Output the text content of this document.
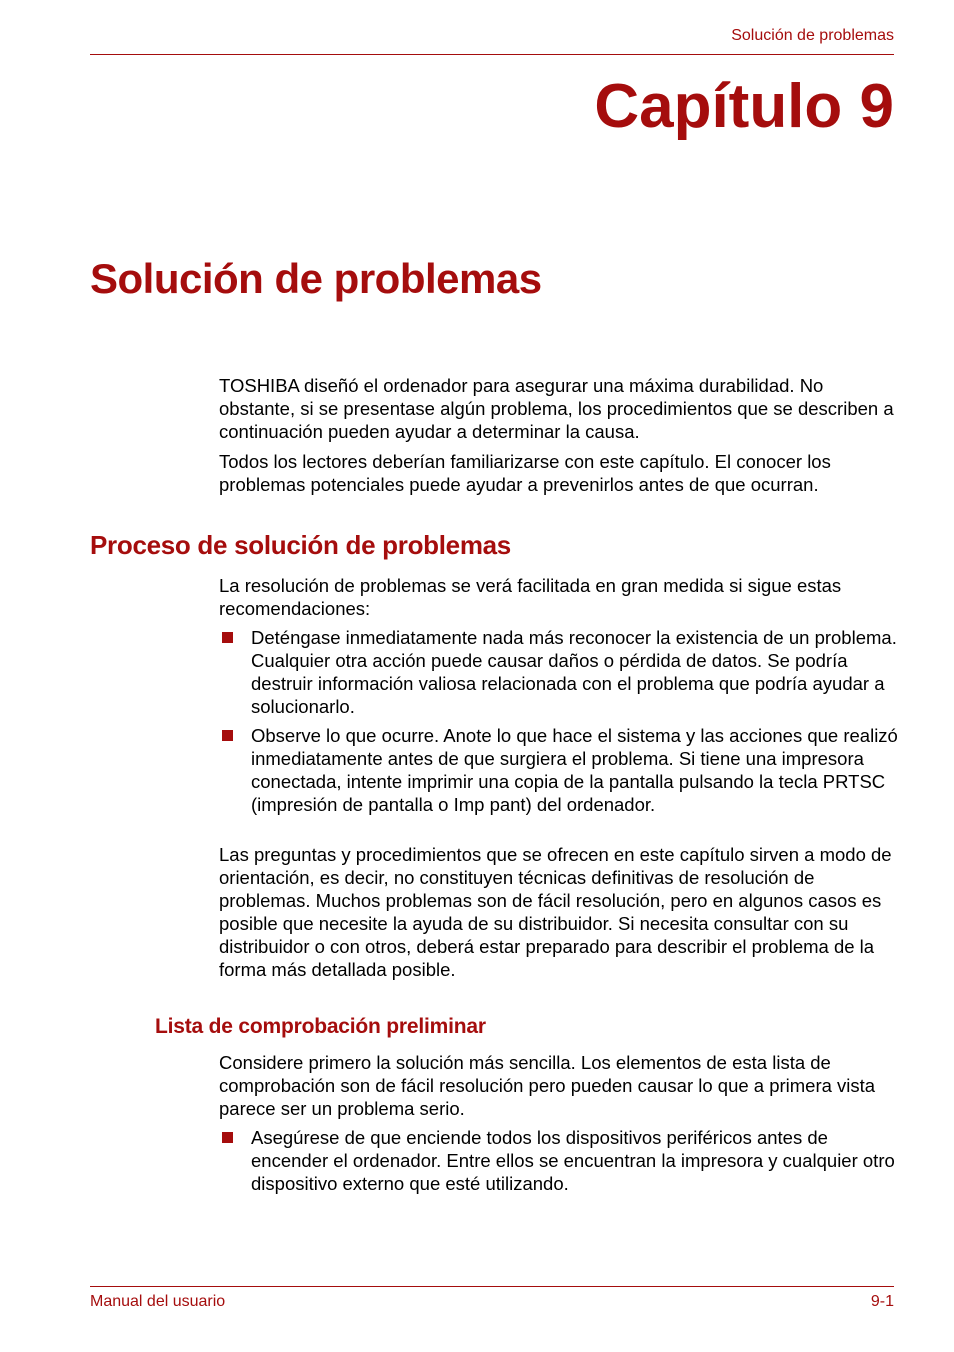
Solución de problemas
Capítulo 9
Solución de problemas

TOSHIBA diseñó el ordenador para asegurar una máxima durabilidad. No obstante, si se presentase algún problema, los procedimientos que se describen a continuación pueden ayudar a determinar la causa.

Todos los lectores deberían familiarizarse con este capítulo. El conocer los problemas potenciales puede ayudar a prevenirlos antes de que ocurran.

Proceso de solución de problemas

La resolución de problemas se verá facilitada en gran medida si sigue estas recomendaciones:

Deténgase inmediatamente nada más reconocer la existencia de un problema. Cualquier otra acción puede causar daños o pérdida de datos. Se podría destruir información valiosa relacionada con el problema que podría ayudar a solucionarlo.
Observe lo que ocurre. Anote lo que hace el sistema y las acciones que realizó inmediatamente antes de que surgiera el problema. Si tiene una impresora conectada, intente imprimir una copia de la pantalla pulsando la tecla PRTSC (impresión de pantalla o Imp pant) del ordenador.

Las preguntas y procedimientos que se ofrecen en este capítulo sirven a modo de orientación, es decir, no constituyen técnicas definitivas de resolución de problemas. Muchos problemas son de fácil resolución, pero en algunos casos es posible que necesite la ayuda de su distribuidor. Si necesita consultar con su distribuidor o con otros, deberá estar preparado para describir el problema de la forma más detallada posible.

Lista de comprobación preliminar

Considere primero la solución más sencilla. Los elementos de esta lista de comprobación son de fácil resolución pero pueden causar lo que a primera vista parece ser un problema serio.

Asegúrese de que enciende todos los dispositivos periféricos antes de encender el ordenador. Entre ellos se encuentran la impresora y cualquier otro dispositivo externo que esté utilizando.
Manual del usuario	9-1
